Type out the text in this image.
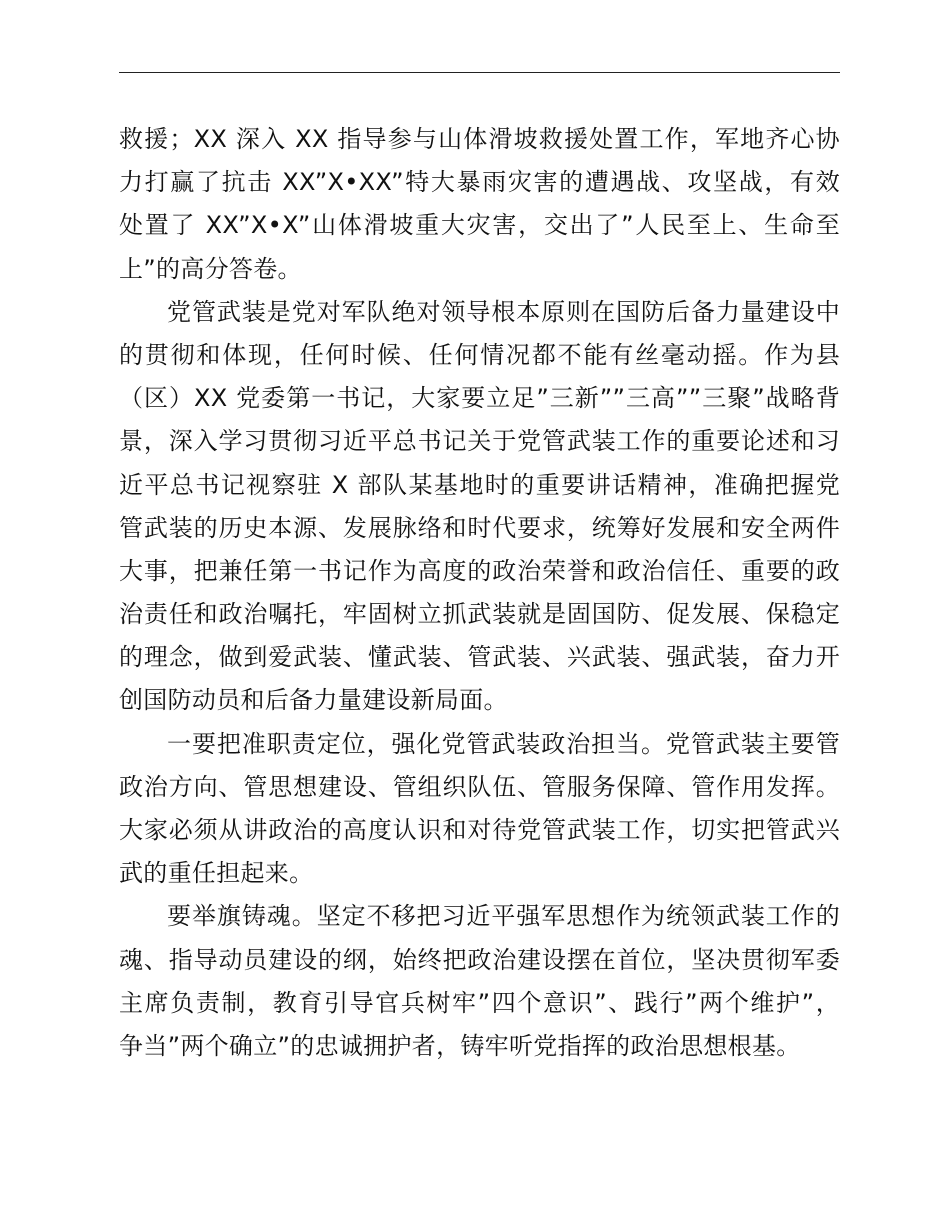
救援；XX 深入 XX 指导参与山体滑坡救援处置工作，军地齐心协
力打赢了抗击 XX”X•XX”特大暴雨灾害的遭遇战、攻坚战，有效
处置了 XX”X•X”山体滑坡重大灾害，交出了”人民至上、生命至
上”的高分答卷。
党管武装是党对军队绝对领导根本原则在国防后备力量建设中
的贯彻和体现，任何时候、任何情况都不能有丝毫动摇。作为县
（区）XX 党委第一书记，大家要立足”三新””三高””三聚”战略背
景，深入学习贯彻习近平总书记关于党管武装工作的重要论述和习
近平总书记视察驻 X 部队某基地时的重要讲话精神，准确把握党
管武装的历史本源、发展脉络和时代要求，统筹好发展和安全两件
大事，把兼任第一书记作为高度的政治荣誉和政治信任、重要的政
治责任和政治嘱托，牢固树立抓武装就是固国防、促发展、保稳定
的理念，做到爱武装、懂武装、管武装、兴武装、强武装，奋力开
创国防动员和后备力量建设新局面。
一要把准职责定位，强化党管武装政治担当。党管武装主要管
政治方向、管思想建设、管组织队伍、管服务保障、管作用发挥。
大家必须从讲政治的高度认识和对待党管武装工作，切实把管武兴
武的重任担起来。
要举旗铸魂。坚定不移把习近平强军思想作为统领武装工作的
魂、指导动员建设的纲，始终把政治建设摆在首位，坚决贯彻军委
主席负责制，教育引导官兵树牢”四个意识”、践行”两个维护”，
争当”两个确立”的忠诚拥护者，铸牢听党指挥的政治思想根基。
